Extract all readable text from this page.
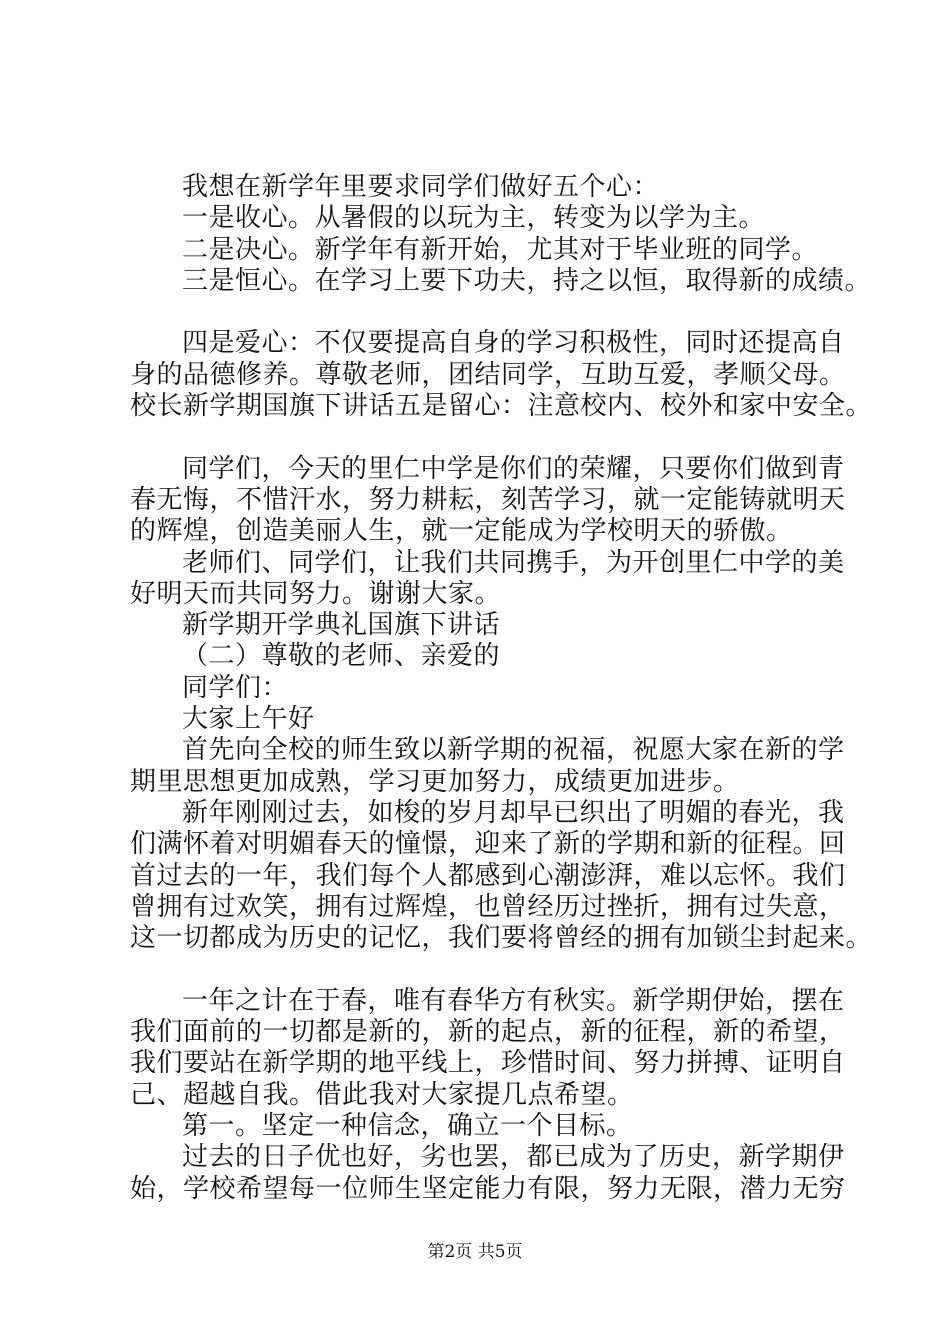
我想在新学年里要求同学们做好五个心：
一是收心。从暑假的以玩为主，转变为以学为主。
二是决心。新学年有新开始，尤其对于毕业班的同学。
三是恒心。在学习上要下功夫，持之以恒，取得新的成绩。
四是爱心：不仅要提高自身的学习积极性，同时还提高自
身的品德修养。尊敬老师，团结同学，互助互爱，孝顺父母。
校长新学期国旗下讲话五是留心：注意校内、校外和家中安全。
同学们，今天的里仁中学是你们的荣耀，只要你们做到青
春无悔，不惜汗水，努力耕耘，刻苦学习，就一定能铸就明天
的辉煌，创造美丽人生，就一定能成为学校明天的骄傲。
老师们、同学们，让我们共同携手，为开创里仁中学的美
好明天而共同努力。谢谢大家。
新学期开学典礼国旗下讲话
（二）尊敬的老师、亲爱的
同学们：
大家上午好
首先向全校的师生致以新学期的祝福，祝愿大家在新的学
期里思想更加成熟，学习更加努力，成绩更加进步。
新年刚刚过去，如梭的岁月却早已织出了明媚的春光，我
们满怀着对明媚春天的憧憬，迎来了新的学期和新的征程。回
首过去的一年，我们每个人都感到心潮澎湃，难以忘怀。我们
曾拥有过欢笑，拥有过辉煌，也曾经历过挫折，拥有过失意，
这一切都成为历史的记忆，我们要将曾经的拥有加锁尘封起来。
一年之计在于春，唯有春华方有秋实。新学期伊始，摆在
我们面前的一切都是新的，新的起点，新的征程，新的希望，
我们要站在新学期的地平线上，珍惜时间、努力拼搏、证明自
己、超越自我。借此我对大家提几点希望。
第一。坚定一种信念，确立一个目标。
过去的日子优也好，劣也罢，都已成为了历史，新学期伊
始，学校希望每一位师生坚定能力有限，努力无限，潜力无穷
第2页 共5页
